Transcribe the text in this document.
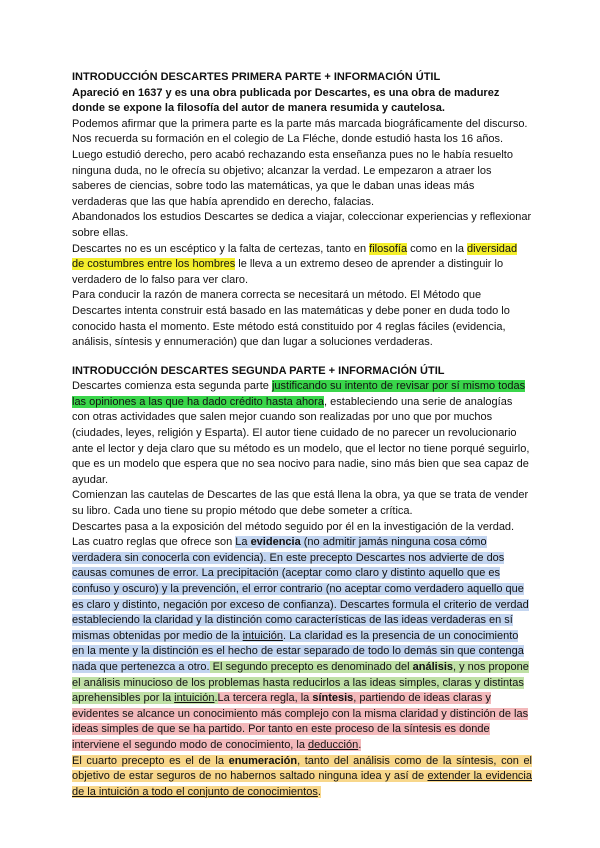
INTRODUCCIÓN DESCARTES PRIMERA PARTE + INFORMACIÓN ÚTIL

Apareció en 1637 y es una obra publicada por Descartes, es una obra de madurez donde se expone la filosofía del autor de manera resumida y cautelosa.

Podemos afirmar que la primera parte es la parte más marcada biográficamente del discurso. Nos recuerda su formación en el colegio de La Fléche, donde estudió hasta los 16 años. Luego estudió derecho, pero acabó rechazando esta enseñanza pues no le había resuelto ninguna duda, no le ofrecía su objetivo; alcanzar la verdad. Le empezaron a atraer los saberes de ciencias, sobre todo las matemáticas, ya que le daban unas ideas más verdaderas que las que había aprendido en derecho, falacias.

Abandonados los estudios Descartes se dedica a viajar, coleccionar experiencias y reflexionar sobre ellas.

Descartes no es un escéptico y la falta de certezas, tanto en filosofía como en la diversidad de costumbres entre los hombres le lleva a un extremo deseo de aprender a distinguir lo verdadero de lo falso para ver claro.

Para conducir la razón de manera correcta se necesitará un método. El Método que Descartes intenta construir está basado en las matemáticas y debe poner en duda todo lo conocido hasta el momento. Este método está constituido por 4 reglas fáciles (evidencia, análisis, síntesis y ennumeración) que dan lugar a soluciones verdaderas.

INTRODUCCIÓN DESCARTES SEGUNDA PARTE + INFORMACIÓN ÚTIL

Descartes comienza esta segunda parte justificando su intento de revisar por sí mismo todas las opiniones a las que ha dado crédito hasta ahora, estableciendo una serie de analogías con otras actividades que salen mejor cuando son realizadas por uno que por muchos (ciudades, leyes, religión y Esparta). El autor tiene cuidado de no parecer un revolucionario ante el lector y deja claro que su método es un modelo, que el lector no tiene porqué seguirlo, que es un modelo que espera que no sea nocivo para nadie, sino más bien que sea capaz de ayudar.

Comienzan las cautelas de Descartes de las que está llena la obra, ya que se trata de vender su libro. Cada uno tiene su propio método que debe someter a crítica.

Descartes pasa a la exposición del método seguido por él en la investigación de la verdad.

Las cuatro reglas que ofrece son La evidencia (no admitir jamás ninguna cosa cómo verdadera sin conocerla con evidencia). En este precepto Descartes nos advierte de dos causas comunes de error. La precipitación (aceptar como claro y distinto aquello que es confuso y oscuro) y la prevención, el error contrario (no aceptar como verdadero aquello que es claro y distinto, negación por exceso de confianza). Descartes formula el criterio de verdad estableciendo la claridad y la distinción como características de las ideas verdaderas en sí mismas obtenidas por medio de la intuición. La claridad es la presencia de un conocimiento en la mente y la distinción es el hecho de estar separado de todo lo demás sin que contenga nada que pertenezca a otro. El segundo precepto es denominado del análisis, y nos propone el análisis minucioso de los problemas hasta reducirlos a las ideas simples, claras y distintas aprehensibles por la intuición.La tercera regla, la síntesis, partiendo de ideas claras y evidentes se alcance un conocimiento más complejo con la misma claridad y distinción de las ideas simples de que se ha partido. Por tanto en este proceso de la síntesis es donde interviene el segundo modo de conocimiento, la deducción.

El cuarto precepto es el de la enumeración, tanto del análisis como de la síntesis, con el objetivo de estar seguros de no habernos saltado ninguna idea y así de extender la evidencia de la intuición a todo el conjunto de conocimientos.
